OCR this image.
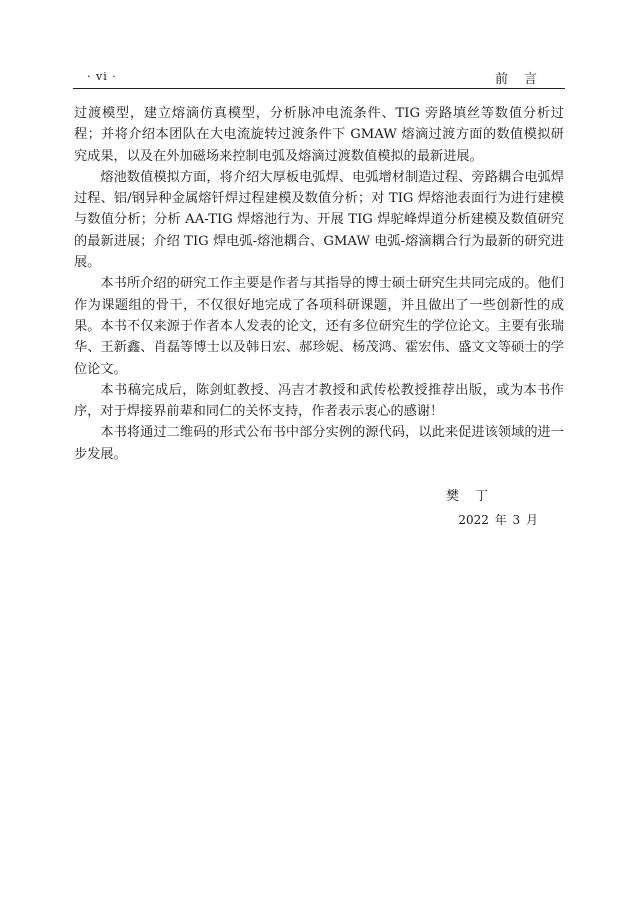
· vi ·	前言

过渡模型，建立熔滴仿真模型，分析脉冲电流条件、TIG 旁路填丝等数值分析过程；并将介绍本团队在大电流旋转过渡条件下 GMAW 熔滴过渡方面的数值模拟研究成果，以及在外加磁场来控制电弧及熔滴过渡数值模拟的最新进展。

熔池数值模拟方面，将介绍大厚板电弧焊、电弧增材制造过程、旁路耦合电弧焊过程、铝/钢异种金属熔钎焊过程建模及数值分析；对 TIG 焊熔池表面行为进行建模与数值分析；分析 AA-TIG 焊熔池行为、开展 TIG 焊驼峰焊道分析建模及数值研究的最新进展；介绍 TIG 焊电弧-熔池耦合、GMAW 电弧-熔滴耦合行为最新的研究进展。

本书所介绍的研究工作主要是作者与其指导的博士硕士研究生共同完成的。他们作为课题组的骨干，不仅很好地完成了各项科研课题，并且做出了一些创新性的成果。本书不仅来源于作者本人发表的论文，还有多位研究生的学位论文。主要有张瑞华、王新鑫、肖磊等博士以及韩日宏、郝珍妮、杨茂鸿、霍宏伟、盛文文等硕士的学位论文。

本书稿完成后，陈剑虹教授、冯吉才教授和武传松教授推荐出版，或为本书作序，对于焊接界前辈和同仁的关怀支持，作者表示衷心的感谢！

本书将通过二维码的形式公布书中部分实例的源代码，以此来促进该领域的进一步发展。

樊丁
2022 年 3 月
